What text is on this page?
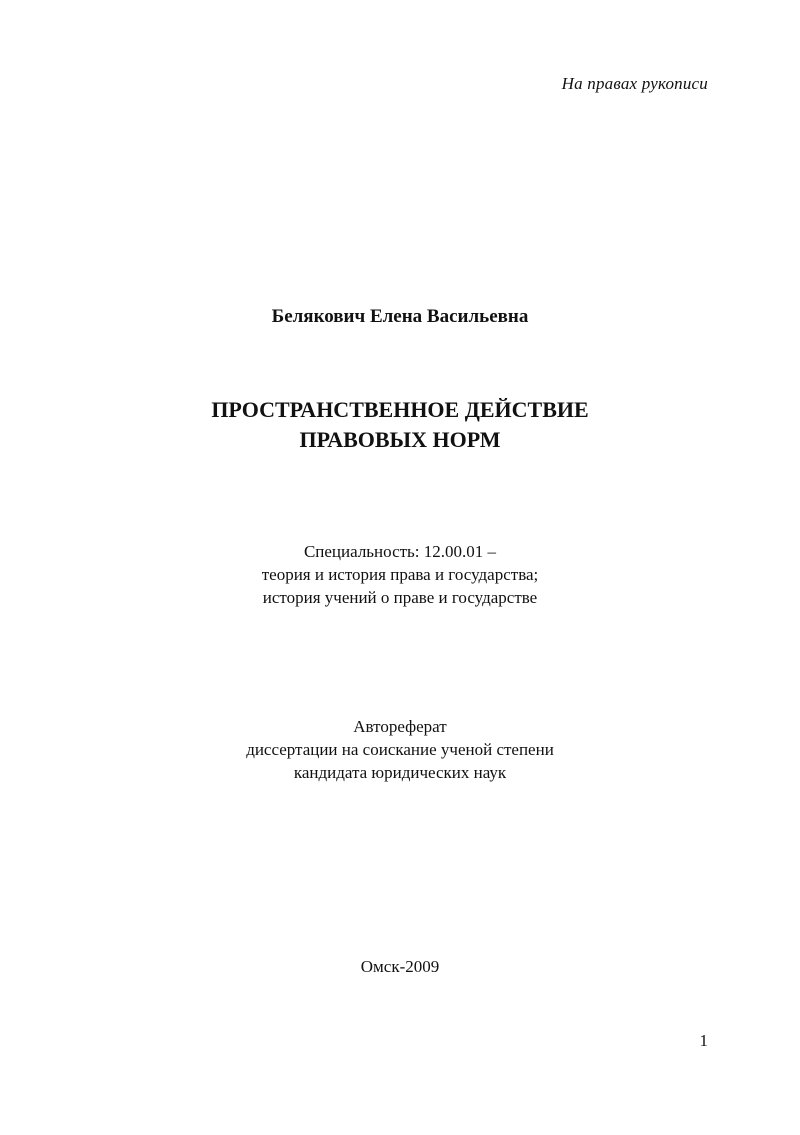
На правах рукописи
Белякович Елена Васильевна
ПРОСТРАНСТВЕННОЕ ДЕЙСТВИЕ
ПРАВОВЫХ НОРМ
Специальность: 12.00.01 –
теория и история права и государства;
история учений о праве и государстве
Автореферат
диссертации на соискание ученой степени
кандидата юридических наук
Омск-2009
1
